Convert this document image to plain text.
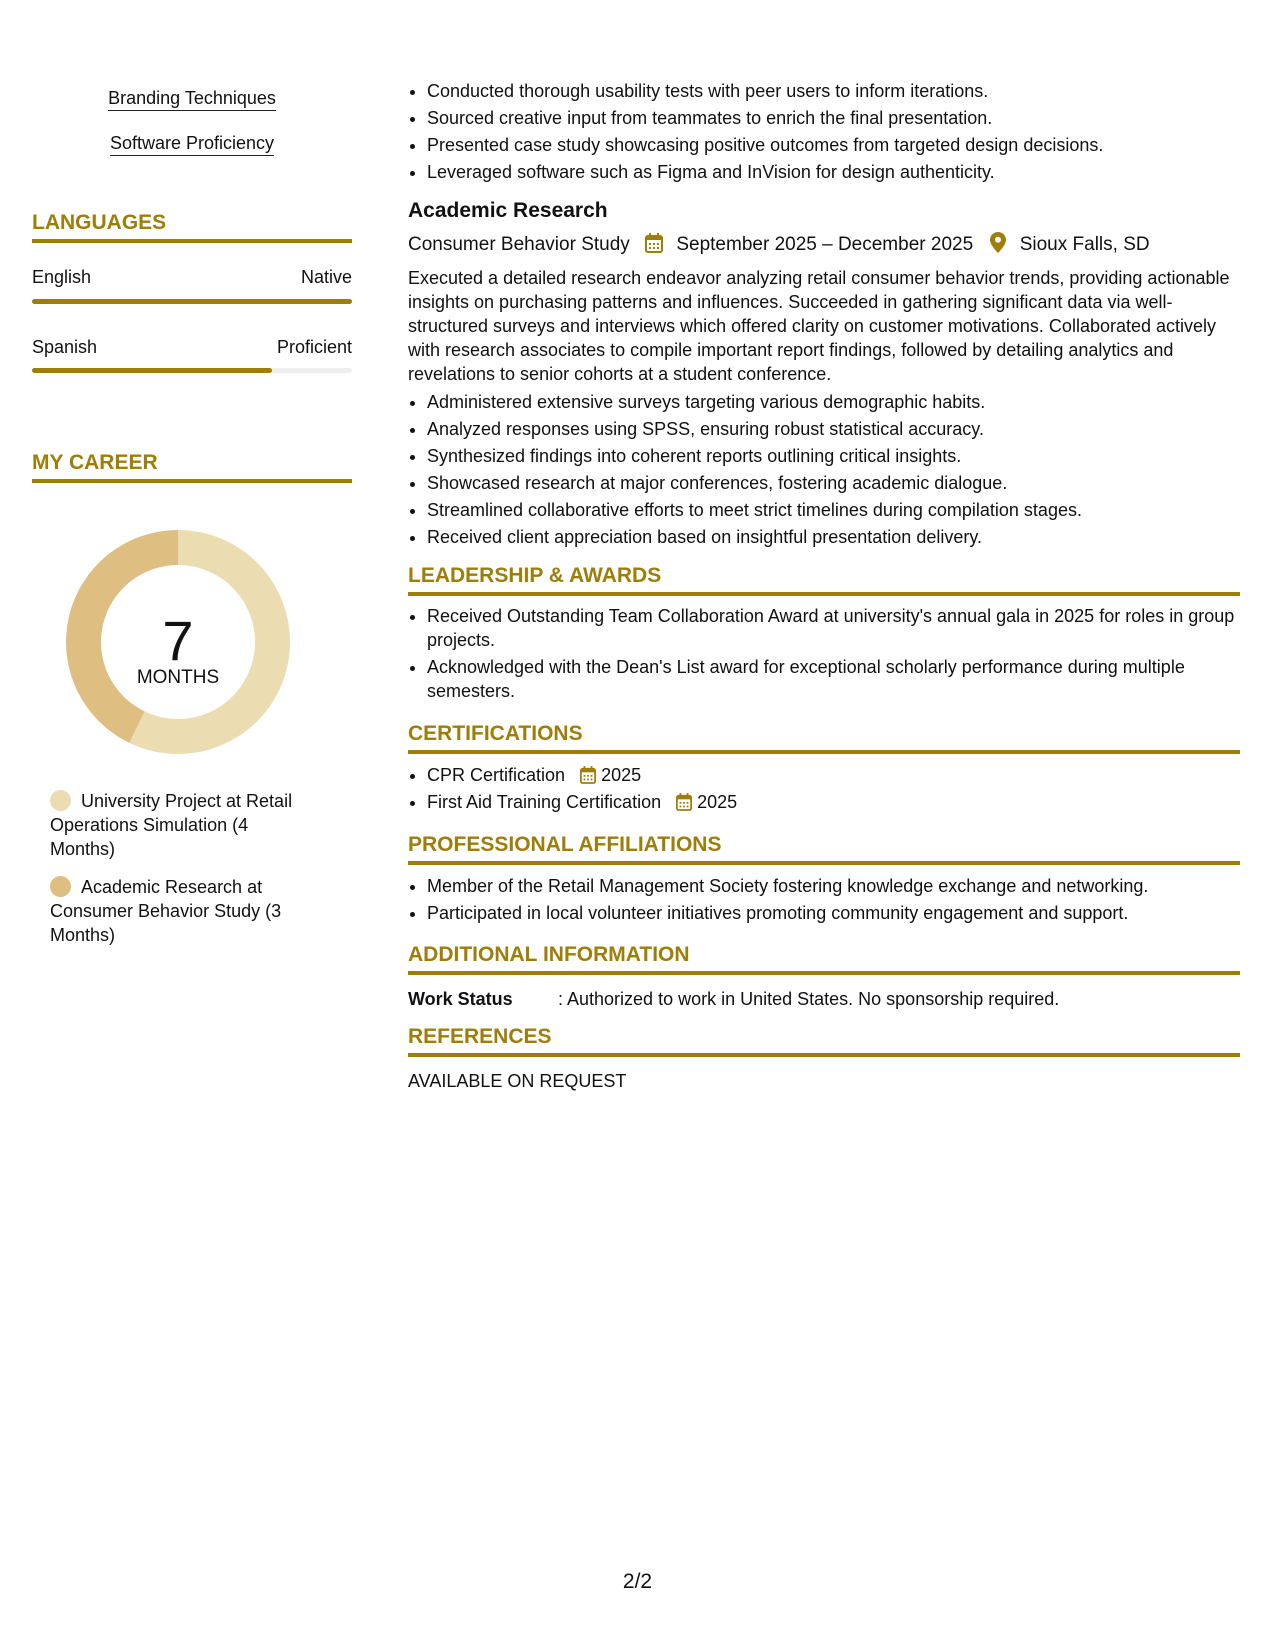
Branding Techniques
Software Proficiency
LANGUAGES
English	Native
Spanish	Proficient
MY CAREER
7
MONTHS
University Project at Retail Operations Simulation (4 Months)
Academic Research at Consumer Behavior Study (3 Months)
• Conducted thorough usability tests with peer users to inform iterations.
• Sourced creative input from teammates to enrich the final presentation.
• Presented case study showcasing positive outcomes from targeted design decisions.
• Leveraged software such as Figma and InVision for design authenticity.
Academic Research
Consumer Behavior Study September 2025 – December 2025 Sioux Falls, SD
Executed a detailed research endeavor analyzing retail consumer behavior trends, providing actionable insights on purchasing patterns and influences. Succeeded in gathering significant data via well-structured surveys and interviews which offered clarity on customer motivations. Collaborated actively with research associates to compile important report findings, followed by detailing analytics and revelations to senior cohorts at a student conference.
• Administered extensive surveys targeting various demographic habits.
• Analyzed responses using SPSS, ensuring robust statistical accuracy.
• Synthesized findings into coherent reports outlining critical insights.
• Showcased research at major conferences, fostering academic dialogue.
• Streamlined collaborative efforts to meet strict timelines during compilation stages.
• Received client appreciation based on insightful presentation delivery.
LEADERSHIP & AWARDS
• Received Outstanding Team Collaboration Award at university's annual gala in 2025 for roles in group projects.
• Acknowledged with the Dean's List award for exceptional scholarly performance during multiple semesters.
CERTIFICATIONS
• CPR Certification 2025
• First Aid Training Certification 2025
PROFESSIONAL AFFILIATIONS
• Member of the Retail Management Society fostering knowledge exchange and networking.
• Participated in local volunteer initiatives promoting community engagement and support.
ADDITIONAL INFORMATION
Work Status	: Authorized to work in United States. No sponsorship required.
REFERENCES
AVAILABLE ON REQUEST
2/2
